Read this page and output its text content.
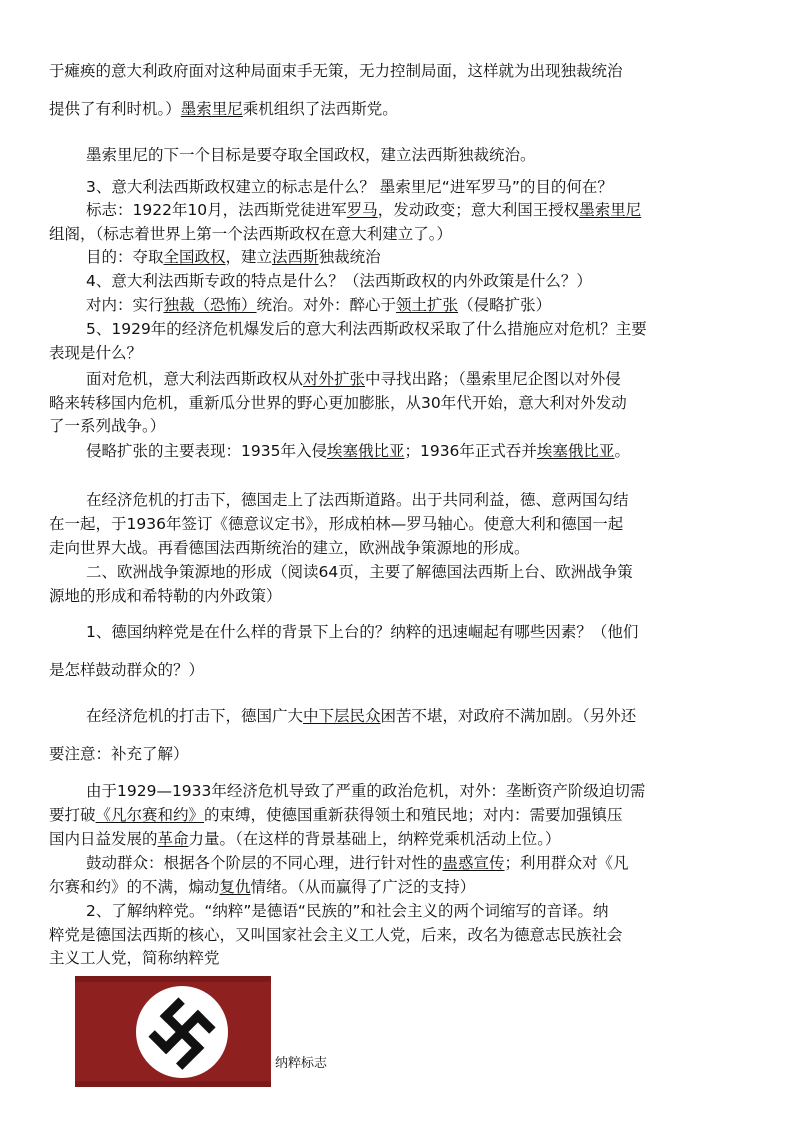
于瘫痪的意大利政府面对这种局面束手无策，无力控制局面，这样就为出现独裁统治
提供了有利时机。）墨索里尼乘机组织了法西斯党。
墨索里尼的下一个目标是要夺取全国政权，建立法西斯独裁统治。
3、意大利法西斯政权建立的标志是什么？ 墨索里尼“进军罗马”的目的何在？
标志：1922年10月，法西斯党徒进军罗马，发动政变；意大利国王授权墨索里尼
组阁，（标志着世界上第一个法西斯政权在意大利建立了。）
目的：夺取全国政权，建立法西斯独裁统治
4、意大利法西斯专政的特点是什么？（法西斯政权的内外政策是什么？）
对内：实行独裁（恐怖）统治。对外：醉心于领土扩张（侵略扩张）
5、1929年的经济危机爆发后的意大利法西斯政权采取了什么措施应对危机？主要
表现是什么？
面对危机，意大利法西斯政权从对外扩张中寻找出路；（墨索里尼企图以对外侵
略来转移国内危机，重新瓜分世界的野心更加膨胀，从30年代开始，意大利对外发动
了一系列战争。）
侵略扩张的主要表现：1935年入侵埃塞俄比亚；1936年正式吞并埃塞俄比亚。
在经济危机的打击下，德国走上了法西斯道路。出于共同利益，德、意两国勾结
在一起，于1936年签订《德意议定书》，形成柏林—罗马轴心。使意大利和德国一起
走向世界大战。再看德国法西斯统治的建立，欧洲战争策源地的形成。
二、欧洲战争策源地的形成（阅读64页，主要了解德国法西斯上台、欧洲战争策
源地的形成和希特勒的内外政策）
1、德国纳粹党是在什么样的背景下上台的？纳粹的迅速崛起有哪些因素？（他们
是怎样鼓动群众的？）
在经济危机的打击下，德国广大中下层民众困苦不堪，对政府不满加剧。（另外还
要注意：补充了解）
由于1929—1933年经济危机导致了严重的政治危机，对外：垄断资产阶级迫切需
要打破《凡尔赛和约》的束缚，使德国重新获得领土和殖民地；对内：需要加强镇压
国内日益发展的革命力量。（在这样的背景基础上，纳粹党乘机活动上位。）
鼓动群众：根据各个阶层的不同心理，进行针对性的蛊惑宣传；利用群众对《凡
尔赛和约》的不满，煽动复仇情绪。（从而赢得了广泛的支持）
2、了解纳粹党。“纳粹”是德语“民族的”和社会主义的两个词缩写的音译。纳
粹党是德国法西斯的核心，又叫国家社会主义工人党，后来，改名为德意志民族社会
主义工人党，简称纳粹党
纳粹标志
